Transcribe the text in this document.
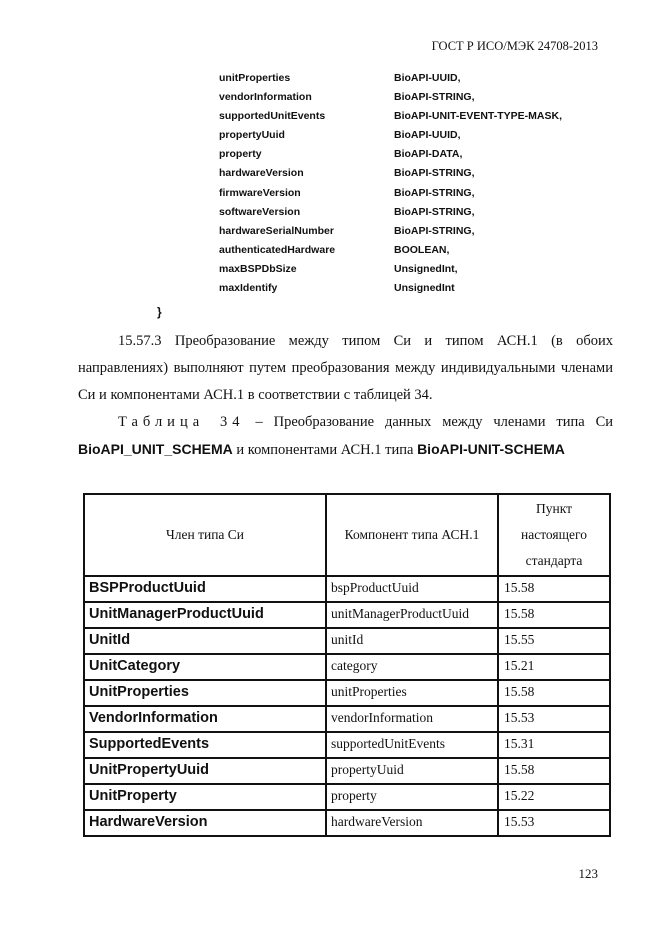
ГОСТ Р ИСО/МЭК 24708-2013
unitProperties	BioAPI-UUID,
vendorInformation	BioAPI-STRING,
supportedUnitEvents	BioAPI-UNIT-EVENT-TYPE-MASK,
propertyUuid	BioAPI-UUID,
property	BioAPI-DATA,
hardwareVersion	BioAPI-STRING,
firmwareVersion	BioAPI-STRING,
softwareVersion	BioAPI-STRING,
hardwareSerialNumber	BioAPI-STRING,
authenticatedHardware	BOOLEAN,
maxBSPDbSize	UnsignedInt,
maxIdentify	UnsignedInt
}
15.57.3 Преобразование между типом Си и типом АСН.1 (в обоих направлениях) выполняют путем преобразования между индивидуальными членами Си и компонентами АСН.1 в соответствии с таблицей 34.
Таблица 34 – Преобразование данных между членами типа Си BioAPI_UNIT_SCHEMA и компонентами АСН.1 типа BioAPI-UNIT-SCHEMA
Член типа Си	Компонент типа АСН.1	Пункт настоящего стандарта
BSPProductUuid	bspProductUuid	15.58
UnitManagerProductUuid	unitManagerProductUuid	15.58
UnitId	unitId	15.55
UnitCategory	category	15.21
UnitProperties	unitProperties	15.58
VendorInformation	vendorInformation	15.53
SupportedEvents	supportedUnitEvents	15.31
UnitPropertyUuid	propertyUuid	15.58
UnitProperty	property	15.22
HardwareVersion	hardwareVersion	15.53
123
